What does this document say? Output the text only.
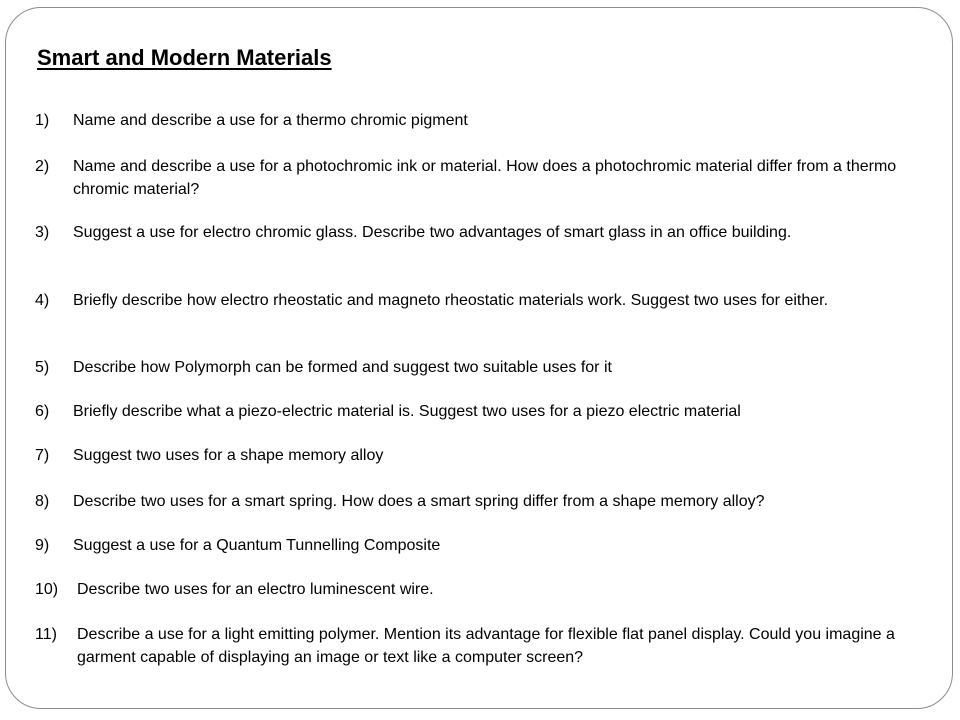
Smart and Modern Materials
1) Name and describe a use for a thermo chromic pigment
2) Name and describe a use for a photochromic ink or material. How does a photochromic material differ from a thermo chromic material?
3) Suggest a use for electro chromic glass. Describe two advantages of smart glass in an office building.
4) Briefly describe how electro rheostatic and magneto rheostatic materials work. Suggest two uses for either.
5) Describe how Polymorph can be formed and suggest two suitable uses for it
6) Briefly describe what a piezo-electric material is. Suggest two uses for a piezo electric material
7) Suggest two uses for a shape memory alloy
8) Describe two uses for a smart spring. How does a smart spring differ from a shape memory alloy?
9) Suggest a use for a Quantum Tunnelling Composite
10) Describe two uses for an electro luminescent wire.
11) Describe a use for a light emitting polymer. Mention its advantage for flexible flat panel display. Could you imagine a garment capable of displaying an image or text like a computer screen?
